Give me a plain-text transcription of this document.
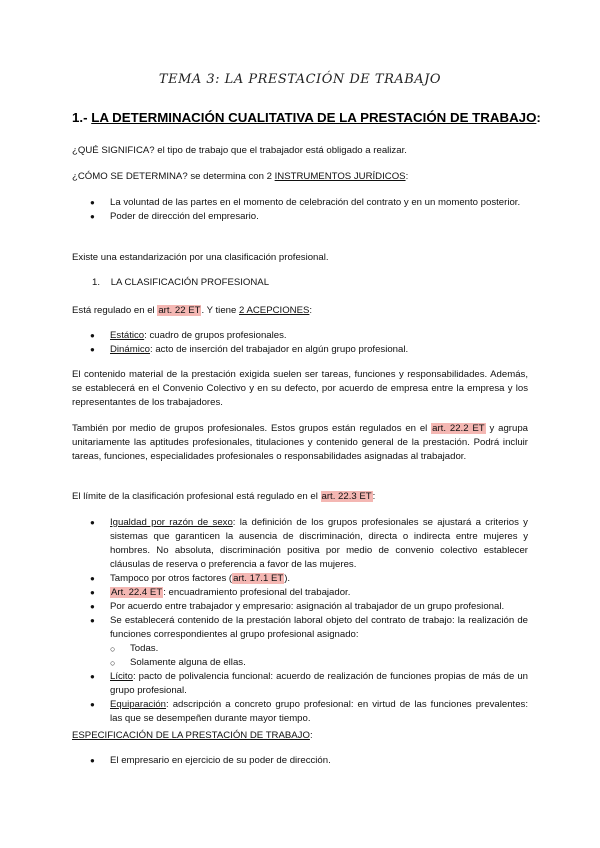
TEMA 3: LA PRESTACIÓN DE TRABAJO
1.- LA DETERMINACIÓN CUALITATIVA DE LA PRESTACIÓN DE TRABAJO:
¿QUÉ SIGNIFICA? el tipo de trabajo que el trabajador está obligado a realizar.
¿CÓMO SE DETERMINA? se determina con 2 INSTRUMENTOS JURÍDICOS:
● La voluntad de las partes en el momento de celebración del contrato y en un momento posterior.
● Poder de dirección del empresario.
Existe una estandarización por una clasificación profesional.
1. LA CLASIFICACIÓN PROFESIONAL
Está regulado en el art. 22 ET. Y tiene 2 ACEPCIONES:
● Estático: cuadro de grupos profesionales.
● Dinámico: acto de inserción del trabajador en algún grupo profesional.
El contenido material de la prestación exigida suelen ser tareas, funciones y responsabilidades. Además, se establecerá en el Convenio Colectivo y en su defecto, por acuerdo de empresa entre la empresa y los representantes de los trabajadores.
También por medio de grupos profesionales. Estos grupos están regulados en el art. 22.2 ET y agrupa unitariamente las aptitudes profesionales, titulaciones y contenido general de la prestación. Podrá incluir tareas, funciones, especialidades profesionales o responsabilidades asignadas al trabajador.
El límite de la clasificación profesional está regulado en el art. 22.3 ET:
● Igualdad por razón de sexo: la definición de los grupos profesionales se ajustará a criterios y sistemas que garanticen la ausencia de discriminación, directa o indirecta entre mujeres y hombres. No absoluta, discriminación positiva por medio de convenio colectivo establecer cláusulas de reserva o preferencia a favor de las mujeres.
● Tampoco por otros factores (art. 17.1 ET).
● Art. 22.4 ET: encuadramiento profesional del trabajador.
● Por acuerdo entre trabajador y empresario: asignación al trabajador de un grupo profesional.
● Se establecerá contenido de la prestación laboral objeto del contrato de trabajo: la realización de funciones correspondientes al grupo profesional asignado:
○ Todas.
○ Solamente alguna de ellas.
● Lícito: pacto de polivalencia funcional: acuerdo de realización de funciones propias de más de un grupo profesional.
● Equiparación: adscripción a concreto grupo profesional: en virtud de las funciones prevalentes: las que se desempeñen durante mayor tiempo.
ESPECIFICACIÓN DE LA PRESTACIÓN DE TRABAJO:
● El empresario en ejercicio de su poder de dirección.
